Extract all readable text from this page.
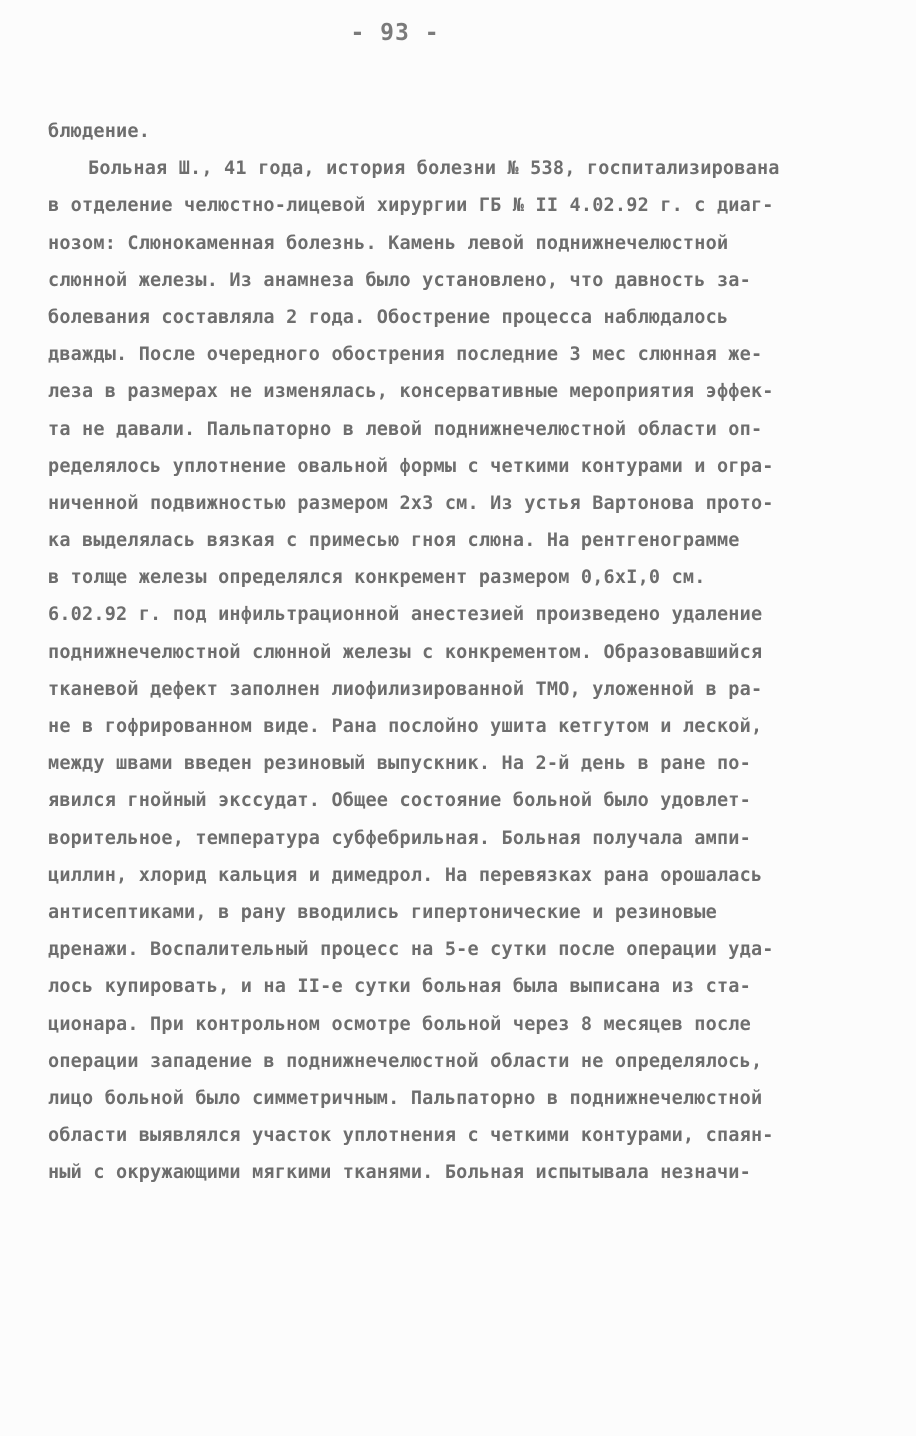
- 93 -
блюдение.
Больная Ш., 41 года, история болезни № 538, госпитализирована
в отделение челюстно-лицевой хирургии ГБ № II 4.02.92 г. с диаг-
нозом: Слюнокаменная болезнь. Камень левой поднижнечелюстной
слюнной железы. Из анамнеза было установлено, что давность за-
болевания составляла 2 года. Обострение процесса наблюдалось
дважды. После очередного обострения последние 3 мес слюнная же-
леза в размерах не изменялась, консервативные мероприятия эффек-
та не давали. Пальпаторно в левой поднижнечелюстной области оп-
ределялось уплотнение овальной формы с четкими контурами и огра-
ниченной подвижностью размером 2х3 см. Из устья Вартонова прото-
ка выделялась вязкая с примесью гноя слюна. На рентгенограмме
в толще железы определялся конкремент размером 0,6хI,0 см.
6.02.92 г. под инфильтрационной анестезией произведено удаление
поднижнечелюстной слюнной железы с конкрементом. Образовавшийся
тканевой дефект заполнен лиофилизированной ТМО, уложенной в ра-
не в гофрированном виде. Рана послойно ушита кетгутом и леской,
между швами введен резиновый выпускник. На 2-й день в ране по-
явился гнойный экссудат. Общее состояние больной было удовлет-
ворительное, температура субфебрильная. Больная получала ампи-
циллин, хлорид кальция и димедрол. На перевязках рана орошалась
антисептиками, в рану вводились гипертонические и резиновые
дренажи. Воспалительный процесс на 5-е сутки после операции уда-
лось купировать, и на II-е сутки больная была выписана из ста-
ционара. При контрольном осмотре больной через 8 месяцев после
операции западение в поднижнечелюстной области не определялось,
лицо больной было симметричным. Пальпаторно в поднижнечелюстной
области выявлялся участок уплотнения с четкими контурами, спаян-
ный с окружающими мягкими тканями. Больная испытывала незначи-
